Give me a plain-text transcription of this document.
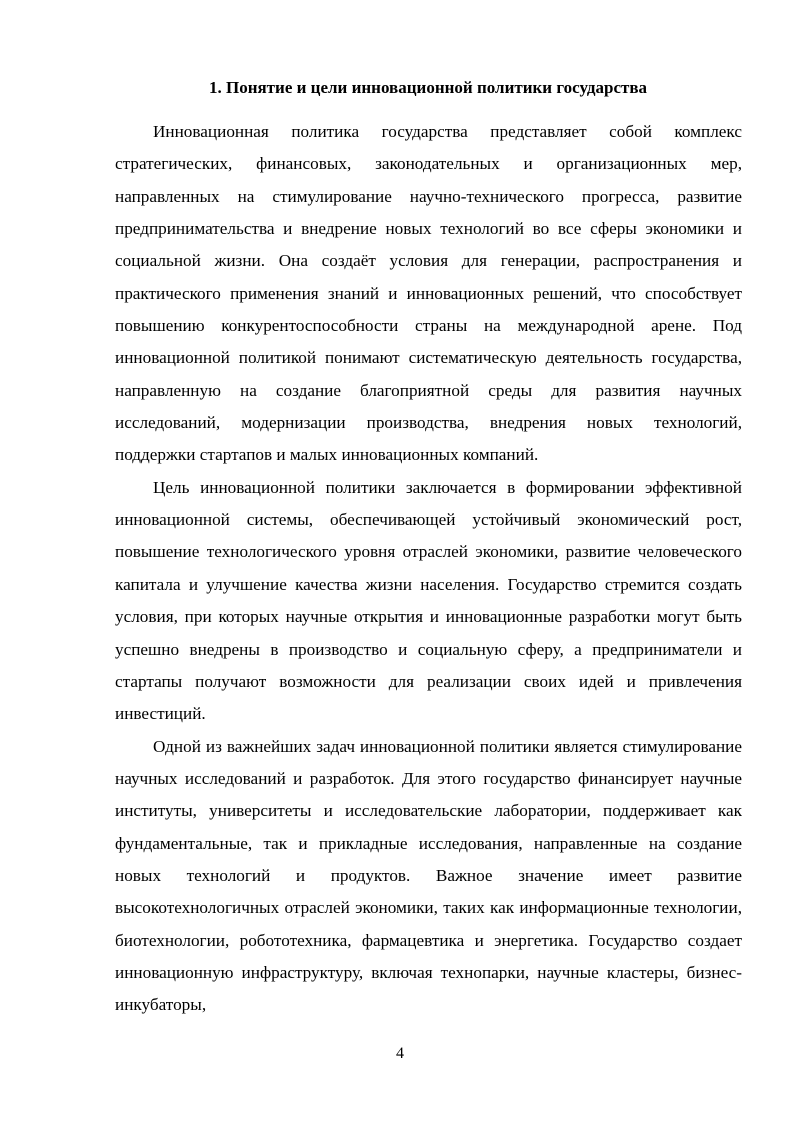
1. Понятие и цели инновационной политики государства

Инновационная политика государства представляет собой комплекс стратегических, финансовых, законодательных и организационных мер, направленных на стимулирование научно-технического прогресса, развитие предпринимательства и внедрение новых технологий во все сферы экономики и социальной жизни. Она создаёт условия для генерации, распространения и практического применения знаний и инновационных решений, что способствует повышению конкурентоспособности страны на международной арене. Под инновационной политикой понимают систематическую деятельность государства, направленную на создание благоприятной среды для развития научных исследований, модернизации производства, внедрения новых технологий, поддержки стартапов и малых инновационных компаний.

Цель инновационной политики заключается в формировании эффективной инновационной системы, обеспечивающей устойчивый экономический рост, повышение технологического уровня отраслей экономики, развитие человеческого капитала и улучшение качества жизни населения. Государство стремится создать условия, при которых научные открытия и инновационные разработки могут быть успешно внедрены в производство и социальную сферу, а предприниматели и стартапы получают возможности для реализации своих идей и привлечения инвестиций.

Одной из важнейших задач инновационной политики является стимулирование научных исследований и разработок. Для этого государство финансирует научные институты, университеты и исследовательские лаборатории, поддерживает как фундаментальные, так и прикладные исследования, направленные на создание новых технологий и продуктов. Важное значение имеет развитие высокотехнологичных отраслей экономики, таких как информационные технологии, биотехнологии, робототехника, фармацевтика и энергетика. Государство создает инновационную инфраструктуру, включая технопарки, научные кластеры, бизнес-инкубаторы,

4
